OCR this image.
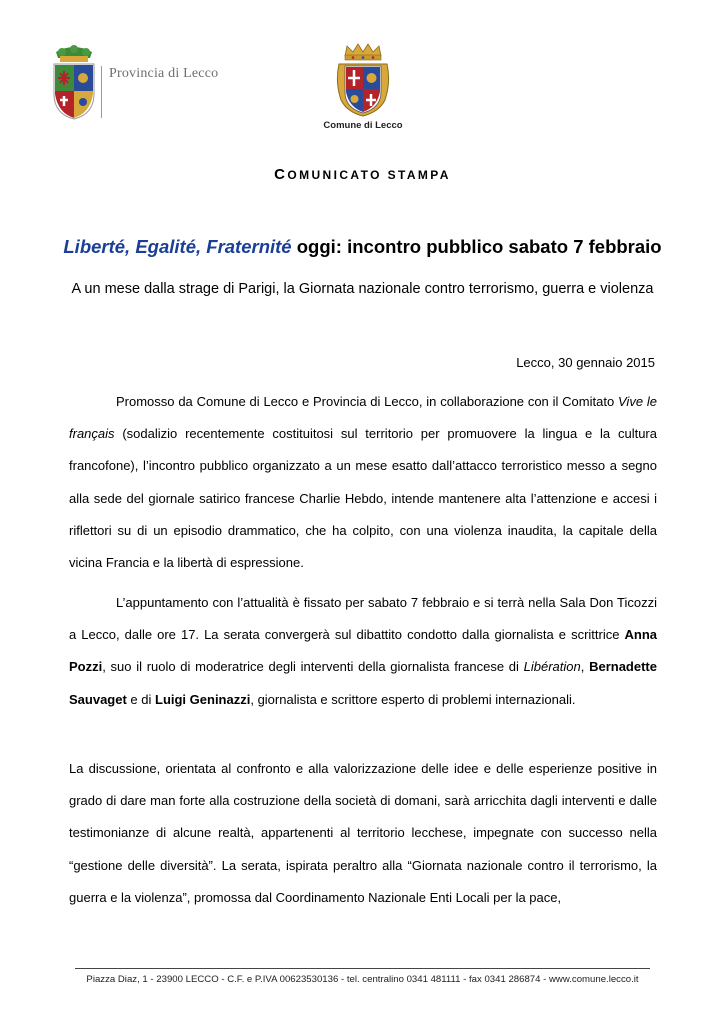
Provincia di Lecco
Comune di Lecco
COMUNICATO STAMPA
Liberté, Egalité, Fraternité oggi: incontro pubblico sabato 7 febbraio
A un mese dalla strage di Parigi, la Giornata nazionale contro terrorismo, guerra e violenza
Lecco, 30 gennaio 2015

Promosso da Comune di Lecco e Provincia di Lecco, in collaborazione con il Comitato Vive le français (sodalizio recentemente costituitosi sul territorio per promuovere la lingua e la cultura francofone), l’incontro pubblico organizzato a un mese esatto dall’attacco terroristico messo a segno alla sede del giornale satirico francese Charlie Hebdo, intende mantenere alta l’attenzione e accesi i riflettori su di un episodio drammatico, che ha colpito, con una violenza inaudita, la capitale della vicina Francia e la libertà di espressione.

L’appuntamento con l’attualità è fissato per sabato 7 febbraio e si terrà nella Sala Don Ticozzi a Lecco, dalle ore 17. La serata convergerà sul dibattito condotto dalla giornalista e scrittrice Anna Pozzi, suo il ruolo di moderatrice degli interventi della giornalista francese di Libération, Bernadette Sauvaget e di Luigi Geninazzi, giornalista e scrittore esperto di problemi internazionali.

La discussione, orientata al confronto e alla valorizzazione delle idee e delle esperienze positive in grado di dare man forte alla costruzione della società di domani, sarà arricchita dagli interventi e dalle testimonianze di alcune realtà, appartenenti al territorio lecchese, impegnate con successo nella “gestione delle diversità”. La serata, ispirata peraltro alla “Giornata nazionale contro il terrorismo, la guerra e la violenza”, promossa dal Coordinamento Nazionale Enti Locali per la pace,

Piazza Diaz, 1 - 23900 LECCO - C.F. e P.IVA 00623530136 - tel. centralino 0341 481111 - fax 0341 286874 - www.comune.lecco.it
